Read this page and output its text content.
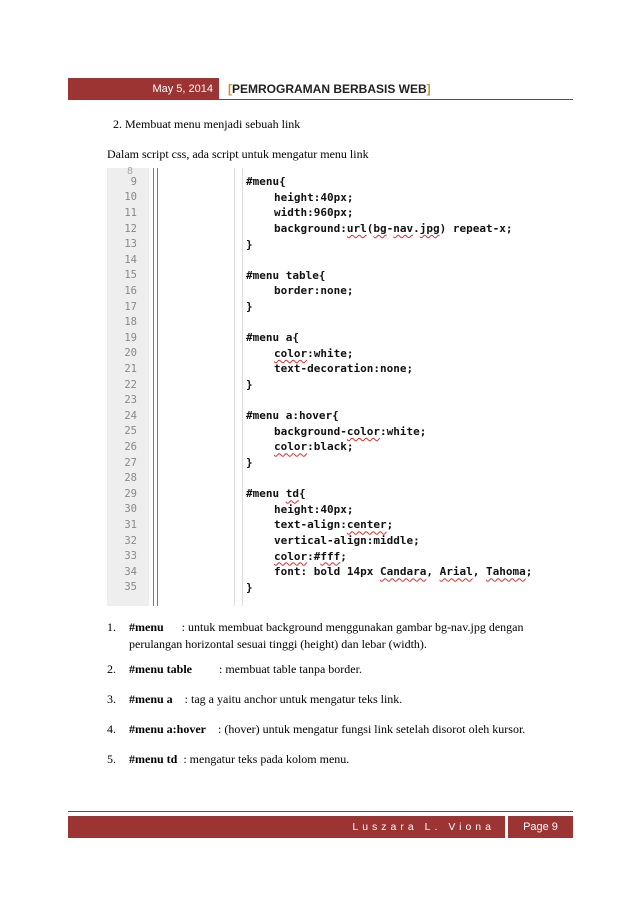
May 5, 2014	[ PEMROGRAMAN BERBASIS WEB ]
2. Membuat menu menjadi sebuah link
Dalam script css, ada script untuk mengatur menu link
8
9	#menu{
10	height:40px;
11	width:960px;
12	background:url(bg-nav.jpg) repeat-x;
13	}
14
15	#menu table{
16	border:none;
17	}
18
19	#menu a{
20	color:white;
21	text-decoration:none;
22	}
23
24	#menu a:hover{
25	background-color:white;
26	color:black;
27	}
28
29	#menu td{
30	height:40px;
31	text-align:center;
32	vertical-align:middle;
33	color:#fff;
34	font: bold 14px Candara, Arial, Tahoma;
35	}
1. #menu : untuk membuat background menggunakan gambar bg-nav.jpg dengan
perulangan horizontal sesuai tinggi (height) dan lebar (width).
2. #menu table : membuat table tanpa border.
3. #menu a : tag a yaitu anchor untuk mengatur teks link.
4. #menu a:hover : (hover) untuk mengatur fungsi link setelah disorot oleh kursor.
5. #menu td : mengatur teks pada kolom menu.
Luszara L. Viona	Page 9
